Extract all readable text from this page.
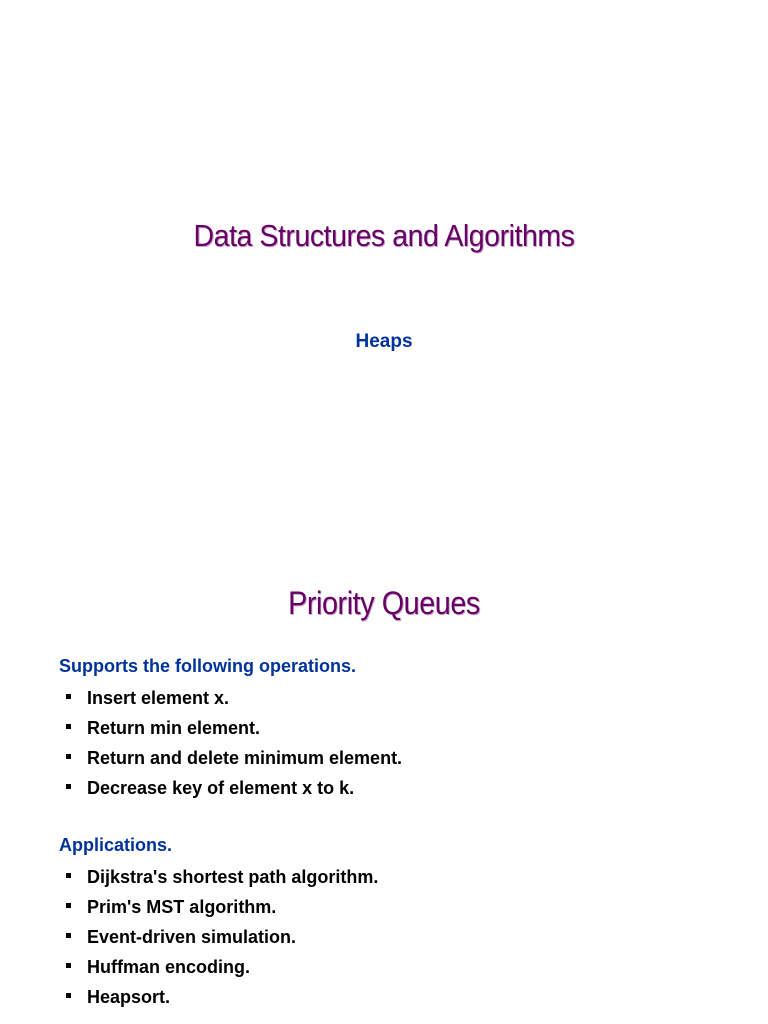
Data Structures and Algorithms
Heaps
Priority Queues
Supports the following operations.
Insert element x.
Return min element.
Return and delete minimum element.
Decrease key of element x to k.
Applications.
Dijkstra's shortest path algorithm.
Prim's MST algorithm.
Event-driven simulation.
Huffman encoding.
Heapsort.
